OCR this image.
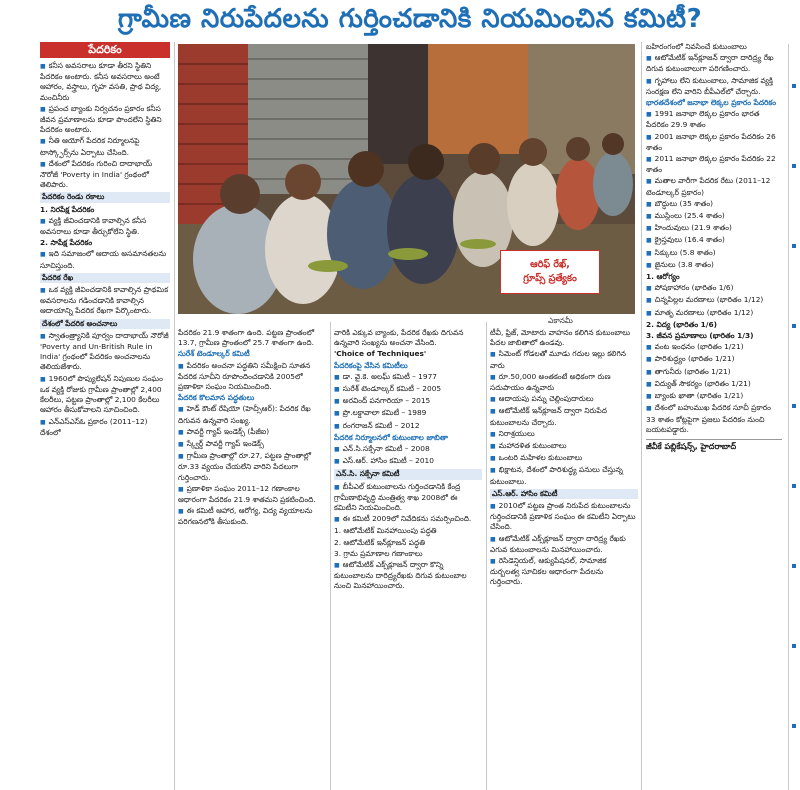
గ్రామీణ నిరుపేదలను గుర్తించడానికి నియమించిన కమిటీ?
పేదరికం

■ కనీస అవసరాలు కూడా తీరని స్థితిని పేదరికం అంటారు. కనీస అవసరాలు అంటే ఆహారం, వస్త్రాలు, గృహ వసతి, ప్రాథ విద్య, మంచినీరు

■ ప్రపంచ బ్యాంకు నిర్వచనం ప్రకారం కనీస జీవన ప్రమాణాలను కూడా పొందలేని స్థితిని పేదరికం అంటారు.

■ నీతి ఆయోగ్ పేదరిక నిర్మూలనపై టాస్క్ఫోర్స్‌ను ఏర్పాటు చేసింది.

■ దేశంలో పేదరికం గురించి దాదాభాయ్ నౌరోజీ 'Poverty in India' గ్రంథంలో తెలిపారు.

పేదరికం రెండు రకాలు

1. నిరపేక్ష పేదరికం

■ వ్యక్తి జీవించడానికి కావాల్సిన కనీస అవసరాలు కూడా తీర్చుకోలేని స్థితి.

2. సాపేక్ష పేదరికం

■ ఇది సమాజంలో ఆదాయ అసమానతలను సూచిస్తుంది.

పేదరిక రేఖ

■ ఒక వ్యక్తి జీవించడానికి కావాల్సిన ప్రాథమిక అవసరాలను గడించడానికి కావాల్సిన ఆదాయాన్ని పేదరిక రేఖగా పేర్కొంటారు.

దేశంలో పేదరిక అంచనాలు

■ స్వాతంత్ర్యానికి పూర్వం దాదాభాయ్ నౌరోజీ 'Poverty and Un-British Rule in India' గ్రంథంలో పేదరికం అంచనాలను తెలియజేశారు.

■ 1960లో పొప్యులేషన్ నిపుణుల సంఘం ఒక వ్యక్తి రోజుకు గ్రామీణ ప్రాంతాల్లో 2,400 కేలరీలు, పట్టణ ప్రాంతాల్లో 2,100 కేలరీలు ఆహారం తీసుకోవాలని సూచించింది.

■ ఎన్ఎస్ఎస్ఓ ప్రకారం (2011–12) దేశంలో

ఆరిఫ్ రేఖ్,
గ్రూప్స్ ప్రత్యేకం
ఎకానమీ

పేదరికం 21.9 శాతంగా ఉంది. పట్టణ ప్రాంతంలో 13.7, గ్రామీణ ప్రాంతంలో 25.7 శాతంగా ఉంది.

సురేశ్ టెండూల్కర్ కమిటీ

■ పేదరికం అంచనా పద్ధతిని సమీక్షించి సూతన పేదరిక సూచీని రూపొందించడానికి 2005లో ప్రణాళికా సంఘం నియమించింది.

పేదరిక కొలమాన పద్ధతులు

■ హెడ్ కౌంట్ రేషియో (హెచ్సీఆర్): పేదరిక రేఖ దిగువన ఉన్నవారి సంఖ్య.

■ పావర్టీ గ్యాప్ ఇండెక్స్ (పీజీఐ)

■ స్క్వేర్డ్ పావర్టీ గ్యాప్ ఇండెక్స్

■ గ్రామీణ ప్రాంతాల్లో రూ.27, పట్టణ ప్రాంతాల్లో రూ.33 వ్యయం చేయలేని వారిని పేదలుగా గుర్తించారు.

■ ప్రణాళికా సంఘం 2011–12 గణాంకాల ఆధారంగా పేదరికం 21.9 శాతమని ప్రకటించింది.

■ ఈ కమిటీ ఆహార, ఆరోగ్య, విద్య వ్యయాలను పరిగణనలోకి తీసుకుంది.

వారికి ఎక్కువ బ్యాంకు, పేదరిక రేఖకు దిగువన ఉన్నవారి సంఖ్యను అంచనా వేసింది.

'Choice of Techniques'

పేదరికంపై వేసిన కమిటీలు

■ డా. వై.కె. అలఘ్ కమిటీ – 1977

■ సురేశ్ టెండూల్కర్ కమిటీ – 2005

■ అరవింద్ పనగారియా – 2015

■ ప్రొ.లక్డావాలా కమిటీ – 1989

■ రంగరాజన్ కమిటీ – 2012

పేదరిక నిర్మూలనలో కుటుంబాల జాబితా

■ ఎన్.సి.సక్సేనా కమిటీ – 2008

■ ఎస్.ఆర్. హాసిం కమిటీ – 2010

ఎన్.సి. సక్సేనా కమిటీ

■ బీపీఎల్ కుటుంబాలను గుర్తించడానికి కేంద్ర గ్రామీణాభివృద్ధి మంత్రిత్వ శాఖ 2008లో ఈ కమిటీని నియమించింది.

■ ఈ కమిటీ 2009లో నివేదికను సమర్పించింది.

1. ఆటోమేటిక్ మినహాయింపు పద్ధతి

2. ఆటోమేటిక్ ఇన్‌క్లూజన్ పద్ధతి

3. గ్రామ ప్రమాణాల గణాంకాలు

■ ఆటోమేటిక్ ఎక్స్‌క్లూజన్ ద్వారా కొన్ని కుటుంబాలను దారిద్ర్యరేఖకు దిగువ కుటుంబాల నుంచి మినహాయించారు.

టీవీ, ఫ్రిజ్, మోటారు వాహనం కలిగిన కుటుంబాలు పేదల జాబితాలో ఉండవు.

■ సిమెంట్ గోడలతో మూడు గదుల ఇల్లు కలిగిన వారు

■ రూ.50,000 అంతకంటే అధికంగా రుణ సదుపాయం ఉన్నవారు

■ ఆదాయపు పన్ను చెల్లింపుదారులు

■ ఆటోమేటిక్ ఇన్‌క్లూజన్ ద్వారా నిరుపేద కుటుంబాలను చేర్చారు.

■ నిరాశ్రయులు

■ మహాదళిత కుటుంబాలు

■ ఒంటరి మహిళల కుటుంబాలు

■ భిక్షాటన, దేశంలో పారిశుద్ధ్య పనులు చేస్తున్న కుటుంబాలు.

ఎస్.ఆర్. హాసిం కమిటీ

■ 2010లో పట్టణ ప్రాంత నిరుపేద కుటుంబాలను గుర్తించడానికి ప్రణాళిక సంఘం ఈ కమిటీని ఏర్పాటు చేసింది.

■ ఆటోమేటిక్ ఎక్స్‌క్లూజన్ ద్వారా దారిద్ర్య రేఖకు ఎగువ కుటుంబాలను మినహాయించారు.

■ రెసిడెన్షియల్, ఆక్యుపేషనల్, సామాజిక దుర్బలత్వ సూచికల ఆధారంగా పేదలను గుర్తించారు.

బహిరంగంలో నివసించే కుటుంబాలు

■ ఆటోమేటిక్ ఇన్‌క్లూజన్ ద్వారా దారిద్ర్య రేఖ దిగువ కుటుంబాలుగా పరిగణించారు.

■ గృహాలు లేని కుటుంబాలు, సామాజిక వ్యక్తి సంరక్షణ లేని వారిని బీపీఎల్‌లో చేర్చారు.

భారతదేశంలో జనాభా లెక్కల ప్రకారం పేదరికం

■ 1991 జనాభా లెక్కల ప్రకారం భారత పేదరికం 29.9 శాతం

■ 2001 జనాభా లెక్కల ప్రకారం పేదరికం 26 శాతం

■ 2011 జనాభా లెక్కల ప్రకారం పేదరికం 22 శాతం

■ మతాల వారీగా పేదరిక రేటు (2011–12 టెండూల్కర్ ప్రకారం)

■ బౌద్ధులు (35 శాతం)

■ ముస్లింలు (25.4 శాతం)

■ హిందువులు (21.9 శాతం)

■ క్రైస్తవులు (16.4 శాతం)

■ సిక్కులు (5.8 శాతం)

■ జైనులు (3.8 శాతం)

1. ఆరోగ్యం

■ పోషకాహారం (భారితం 1/6)

■ చిన్నపిల్లల మరణాలు (భారితం 1/12)

■ మాతృ మరణాలు (భారితం 1/12)

2. విద్య (భారితం 1/6)

3. జీవన ప్రమాణాలు (భారితం 1/3)

■ వంట ఇంధనం (భారితం 1/21)

■ పారిశుద్ధ్యం (భారితం 1/21)

■ తాగునీరు (భారితం 1/21)

■ విద్యుత్ సౌకర్యం (భారితం 1/21)

■ బ్యాంకు ఖాతా (భారితం 1/21)

■ దేశంలో బహుముఖ పేదరిక సూచీ ప్రకారం 33 శాతం కోట్లపైగా ప్రజలు పేదరికం నుంచి బయటపడ్డారు.

జీవీకే పబ్లికేషన్స్, హైదరాబాద్
